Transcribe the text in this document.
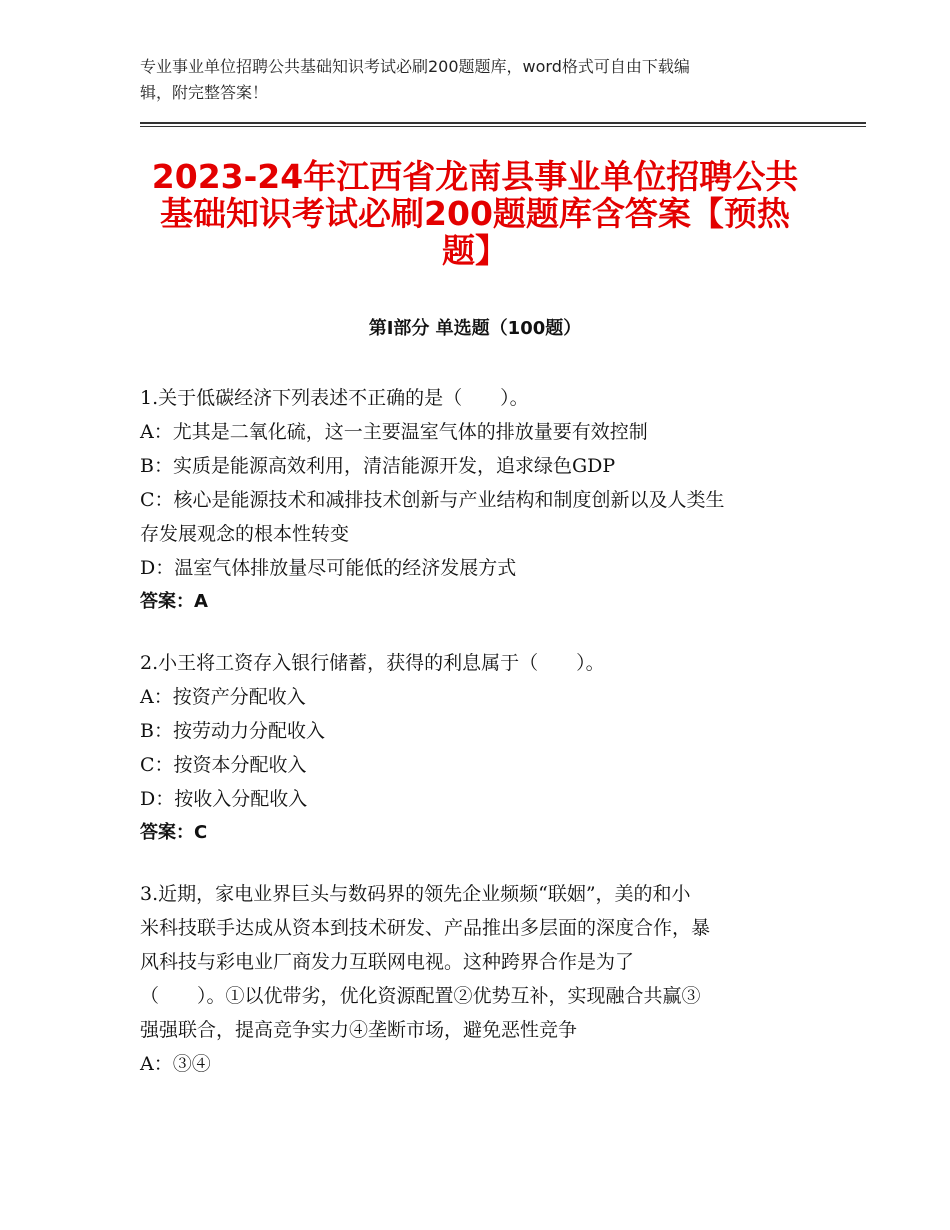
专业事业单位招聘公共基础知识考试必刷200题题库，word格式可自由下载编
辑，附完整答案！
2023-24年江西省龙南县事业单位招聘公共
基础知识考试必刷200题题库含答案【预热
题】
第Ⅰ部分 单选题（100题）
1.关于低碳经济下列表述不正确的是（　　）。
A：尤其是二氧化硫，这一主要温室气体的排放量要有效控制
B：实质是能源高效利用，清洁能源开发，追求绿色GDP
C：核心是能源技术和减排技术创新与产业结构和制度创新以及人类生
存发展观念的根本性转变
D：温室气体排放量尽可能低的经济发展方式
答案：A
2.小王将工资存入银行储蓄，获得的利息属于（　　）。
A：按资产分配收入
B：按劳动力分配收入
C：按资本分配收入
D：按收入分配收入
答案：C
3.近期，家电业界巨头与数码界的领先企业频频“联姻”，美的和小
米科技联手达成从资本到技术研发、产品推出多层面的深度合作，暴
风科技与彩电业厂商发力互联网电视。这种跨界合作是为了
（　　）。①以优带劣，优化资源配置②优势互补，实现融合共赢③
强强联合，提高竞争实力④垄断市场，避免恶性竞争
A：③④
